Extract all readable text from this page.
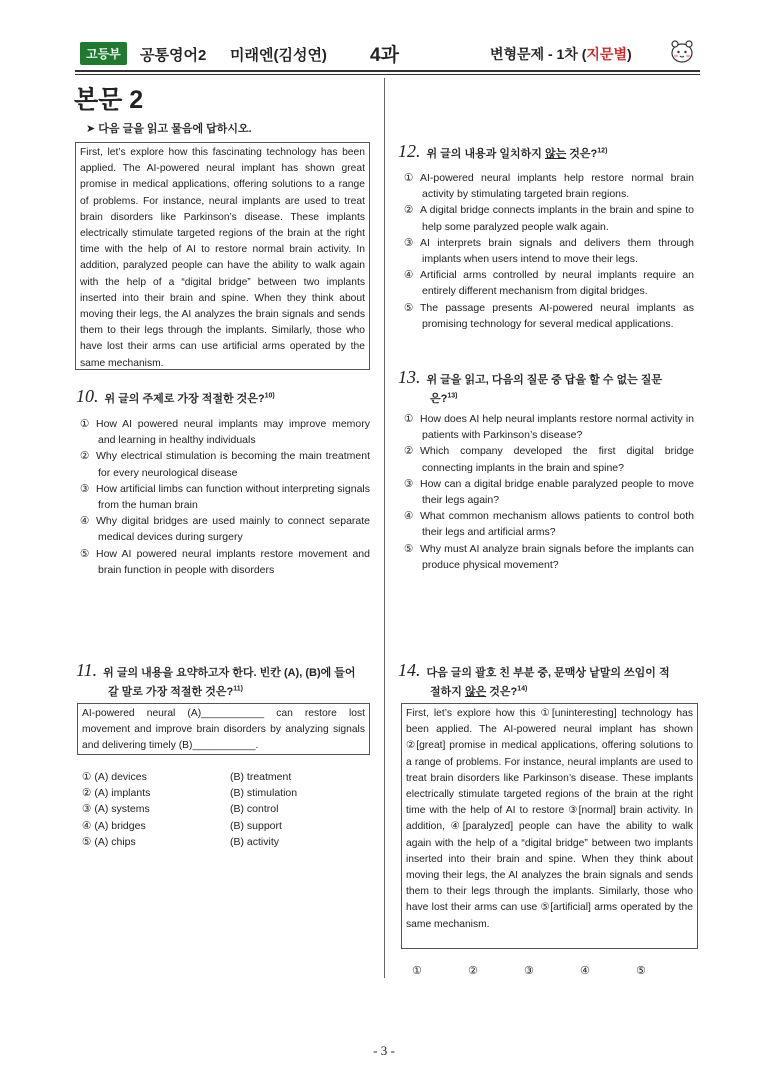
고등부	공통영어2 미래엔(김성연) 4과	변형문제 - 1차 (지문별)
본문 2

➤ 다음 글을 읽고 물음에 답하시오.

First, let’s explore how this fascinating technology has been applied. The AI-powered neural implant has shown great promise in medical applications, offering solutions to a range of problems. For instance, neural implants are used to treat brain disorders like Parkinson’s disease. These implants electrically stimulate targeted regions of the brain at the right time with the help of AI to restore normal brain activity. In addition, paralyzed people can have the ability to walk again with the help of a “digital bridge” between two implants inserted into their brain and spine. When they think about moving their legs, the AI analyzes the brain signals and sends them to their legs through the implants. Similarly, those who have lost their arms can use artificial arms operated by the same mechanism.
10. 위 글의 주제로 가장 적절한 것은?$^{10)}$
① How AI powered neural implants may improve memory and learning in healthy individuals
② Why electrical stimulation is becoming the main treatment for every neurological disease
③ How artificial limbs can function without interpreting signals from the human brain
④ Why digital bridges are used mainly to connect separate medical devices during surgery
⑤ How AI powered neural implants restore movement and brain function in people with disorders
11. 위 글의 내용을 요약하고자 한다. 빈칸 (A), (B)에 들어
갈 말로 가장 적절한 것은?$^{11)}$
AI-powered neural (A)___________ can restore lost movement and improve brain disorders by analyzing signals and delivering timely (B)___________.
① (A) devices	(B) treatment
② (A) implants	(B) stimulation
③ (A) systems	(B) control
④ (A) bridges	(B) support
⑤ (A) chips	(B) activity
12. 위 글의 내용과 일치하지 않는 것은?$^{12)}$
① AI-powered neural implants help restore normal brain activity by stimulating targeted brain regions.
② A digital bridge connects implants in the brain and spine to help some paralyzed people walk again.
③ AI interprets brain signals and delivers them through implants when users intend to move their legs.
④ Artificial arms controlled by neural implants require an entirely different mechanism from digital bridges.
⑤ The passage presents AI-powered neural implants as promising technology for several medical applications.
13. 위 글을 읽고, 다음의 질문 중 답을 할 수 없는 질문
은?$^{13)}$
① How does AI help neural implants restore normal activity in patients with Parkinson’s disease?
② Which company developed the first digital bridge connecting implants in the brain and spine?
③ How can a digital bridge enable paralyzed people to move their legs again?
④ What common mechanism allows patients to control both their legs and artificial arms?
⑤ Why must AI analyze brain signals before the implants can produce physical movement?
14. 다음 글의 괄호 친 부분 중, 문맥상 낱말의 쓰임이 적
절하지 않은 것은?$^{14)}$
First, let’s explore how this ①[uninteresting] technology has been applied. The AI-powered neural implant has shown ②[great] promise in medical applications, offering solutions to a range of problems. For instance, neural implants are used to treat brain disorders like Parkinson’s disease. These implants electrically stimulate targeted regions of the brain at the right time with the help of AI to restore ③[normal] brain activity. In addition, ④[paralyzed] people can have the ability to walk again with the help of a “digital bridge” between two implants inserted into their brain and spine. When they think about moving their legs, the AI analyzes the brain signals and sends them to their legs through the implants. Similarly, those who have lost their arms can use ⑤[artificial] arms operated by the same mechanism.
①	②	③	④	⑤
- 3 -
